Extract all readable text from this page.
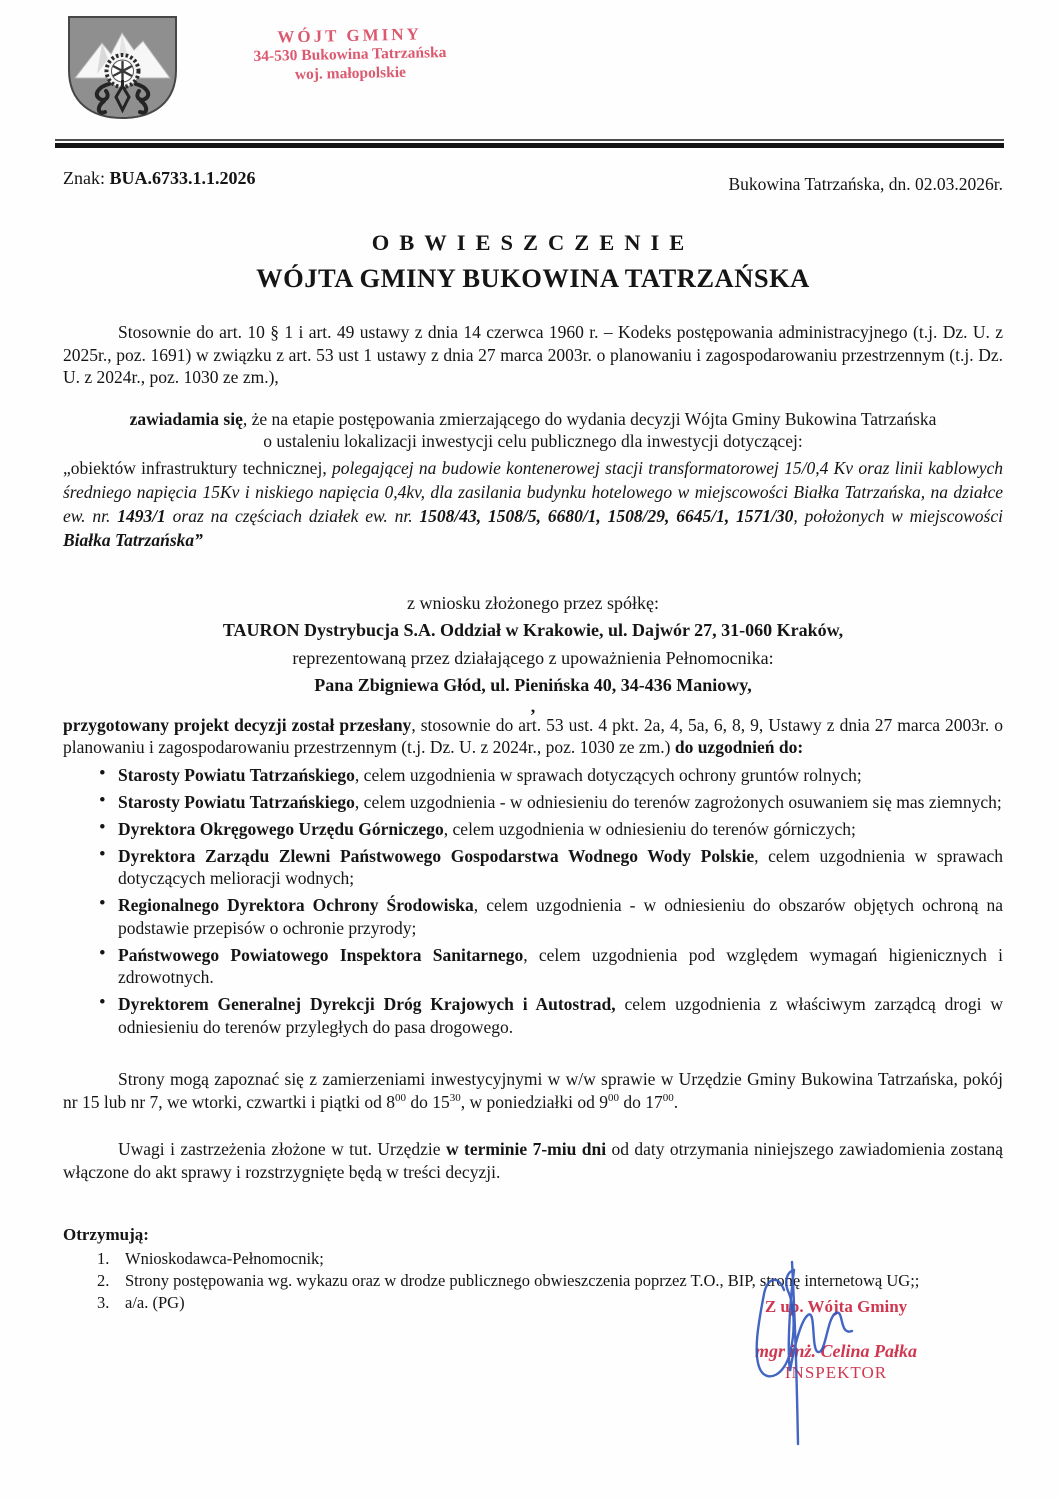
WÓJT GMINY
34-530 Bukowina Tatrzańska
woj. małopolskie
Znak: BUA.6733.1.1.2026	Bukowina Tatrzańska, dn. 02.03.2026r.
OBWIESZCZENIE
WÓJTA GMINY BUKOWINA TATRZAŃSKA

Stosownie do art. 10 § 1 i art. 49 ustawy z dnia 14 czerwca 1960 r. – Kodeks postępowania administracyjnego (t.j. Dz. U. z 2025r., poz. 1691) w związku z art. 53 ust 1 ustawy z dnia 27 marca 2003r. o planowaniu i zagospodarowaniu przestrzennym (t.j. Dz. U. z 2024r., poz. 1030 ze zm.),

zawiadamia się, że na etapie postępowania zmierzającego do wydania decyzji Wójta Gminy Bukowina Tatrzańska
o ustaleniu lokalizacji inwestycji celu publicznego dla inwestycji dotyczącej:

„obiektów infrastruktury technicznej, polegającej na budowie kontenerowej stacji transformatorowej 15/0,4 Kv oraz linii kablowych średniego napięcia 15Kv i niskiego napięcia 0,4kv, dla zasilania budynku hotelowego w miejscowości Białka Tatrzańska, na działce ew. nr. 1493/1 oraz na częściach działek ew. nr. 1508/43, 1508/5, 6680/1, 1508/29, 6645/1, 1571/30, położonych w miejscowości Białka Tatrzańska”

z wniosku złożonego przez spółkę:
TAURON Dystrybucja S.A. Oddział w Krakowie, ul. Dajwór 27, 31-060 Kraków,
reprezentowaną przez działającego z upoważnienia Pełnomocnika:
Pana Zbigniewa Głód, ul. Pienińska 40, 34-436 Maniowy,
,

przygotowany projekt decyzji został przesłany, stosownie do art. 53 ust. 4 pkt. 2a, 4, 5a, 6, 8, 9, Ustawy z dnia 27 marca 2003r. o planowaniu i zagospodarowaniu przestrzennym (t.j. Dz. U. z 2024r., poz. 1030 ze zm.) do uzgodnień do:

• Starosty Powiatu Tatrzańskiego, celem uzgodnienia w sprawach dotyczących ochrony gruntów rolnych;
• Starosty Powiatu Tatrzańskiego, celem uzgodnienia - w odniesieniu do terenów zagrożonych osuwaniem się mas ziemnych;
• Dyrektora Okręgowego Urzędu Górniczego, celem uzgodnienia w odniesieniu do terenów górniczych;
• Dyrektora Zarządu Zlewni Państwowego Gospodarstwa Wodnego Wody Polskie, celem uzgodnienia w sprawach dotyczących melioracji wodnych;
• Regionalnego Dyrektora Ochrony Środowiska, celem uzgodnienia - w odniesieniu do obszarów objętych ochroną na podstawie przepisów o ochronie przyrody;
• Państwowego Powiatowego Inspektora Sanitarnego, celem uzgodnienia pod względem wymagań higienicznych i zdrowotnych.
• Dyrektorem Generalnej Dyrekcji Dróg Krajowych i Autostrad, celem uzgodnienia z właściwym zarządcą drogi w odniesieniu do terenów przyległych do pasa drogowego.

Strony mogą zapoznać się z zamierzeniami inwestycyjnymi w w/w sprawie w Urzędzie Gminy Bukowina Tatrzańska, pokój nr 15 lub nr 7, we wtorki, czwartki i piątki od $8^{00}$ do $15^{30}$, w poniedziałki od $9^{00}$ do $17^{00}$.

Uwagi i zastrzeżenia złożone w tut. Urzędzie w terminie 7-miu dni od daty otrzymania niniejszego zawiadomienia zostaną włączone do akt sprawy i rozstrzygnięte będą w treści decyzji.

Otrzymują:
1. Wnioskodawca-Pełnomocnik;
2. Strony postępowania wg. wykazu oraz w drodze publicznego obwieszczenia poprzez T.O., BIP, stronę internetową UG;;
3. a/a. (PG)	Z up. Wójta Gminy
mgr inż. Celina Pałka
INSPEKTOR
